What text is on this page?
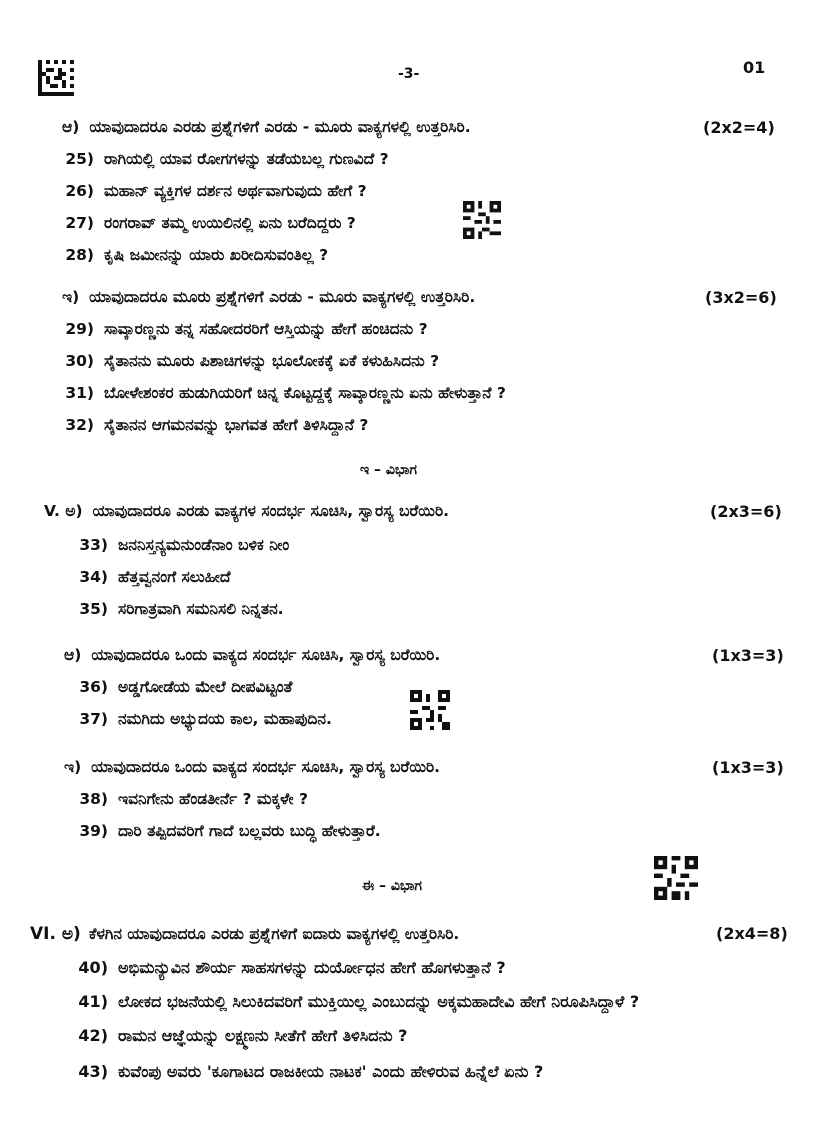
-3-	01
ಆ) ಯಾವುದಾದರೂ ಎರಡು ಪ್ರಶ್ನೆಗಳಿಗೆ ಎರಡು - ಮೂರು ವಾಕ್ಯಗಳಲ್ಲಿ ಉತ್ತರಿಸಿರಿ.	(2x2=4)
25) ರಾಗಿಯಲ್ಲಿ ಯಾವ ರೋಗಗಳನ್ನು ತಡೆಯಬಲ್ಲ ಗುಣವಿದೆ ?
26) ಮಹಾನ್ ವ್ಯಕ್ತಿಗಳ ದರ್ಶನ ಅರ್ಥವಾಗುವುದು ಹೇಗೆ ?
27) ರಂಗರಾವ್ ತಮ್ಮ ಉಯಿಲಿನಲ್ಲಿ ಏನು ಬರೆದಿದ್ದರು ?
28) ಕೃಷಿ ಜಮೀನನ್ನು ಯಾರು ಖರೀದಿಸುವಂತಿಲ್ಲ ?
ಇ) ಯಾವುದಾದರೂ ಮೂರು ಪ್ರಶ್ನೆಗಳಿಗೆ ಎರಡು - ಮೂರು ವಾಕ್ಯಗಳಲ್ಲಿ ಉತ್ತರಿಸಿರಿ.	(3x2=6)
29) ಸಾವ್ಕಾರಣ್ಣನು ತನ್ನ ಸಹೋದರರಿಗೆ ಆಸ್ತಿಯನ್ನು ಹೇಗೆ ಹಂಚಿದನು ?
30) ಸೈತಾನನು ಮೂರು ಪಿಶಾಚಿಗಳನ್ನು ಭೂಲೋಕಕ್ಕೆ ಏಕೆ ಕಳುಹಿಸಿದನು ?
31) ಬೋಳೇಶಂಕರ ಹುಡುಗಿಯರಿಗೆ ಚಿನ್ನ ಕೊಟ್ಟದ್ದಕ್ಕೆ ಸಾವ್ಕಾರಣ್ಣನು ಏನು ಹೇಳುತ್ತಾನೆ ?
32) ಸೈತಾನನ ಆಗಮನವನ್ನು ಭಾಗವತ ಹೇಗೆ ತಿಳಿಸಿದ್ದಾನೆ ?
ಇ – ವಿಭಾಗ
V. ಅ) ಯಾವುದಾದರೂ ಎರಡು ವಾಕ್ಯಗಳ ಸಂದರ್ಭ ಸೂಚಿಸಿ, ಸ್ವಾರಸ್ಯ ಬರೆಯಿರಿ.	(2x3=6)
33) ಜನನಿಸ್ತನ್ಯಮನುಂಡೆನಾಂ ಬಳಿಕ ನೀಂ
34) ಹೆತ್ತವ್ವನಂಗೆ ಸಲುಹೀದೆ
35) ಸರಿಗಾತ್ರವಾಗಿ ಸಮನಿಸಲಿ ನಿನ್ನತನ.
ಆ) ಯಾವುದಾದರೂ ಒಂದು ವಾಕ್ಯದ ಸಂದರ್ಭ ಸೂಚಿಸಿ, ಸ್ವಾರಸ್ಯ ಬರೆಯಿರಿ.	(1x3=3)
36) ಅಡ್ಡಗೋಡೆಯ ಮೇಲೆ ದೀಪವಿಟ್ಟಂತೆ
37) ನಮಗಿದು ಅಭ್ಯುದಯ ಕಾಲ, ಮಹಾಪುದಿನ.
ಇ) ಯಾವುದಾದರೂ ಒಂದು ವಾಕ್ಯದ ಸಂದರ್ಭ ಸೂಚಿಸಿ, ಸ್ವಾರಸ್ಯ ಬರೆಯಿರಿ.	(1x3=3)
38) ಇವನಿಗೇನು ಹೆಂಡತೀರ್ನೆ ? ಮಕ್ಕಳೇ ?
39) ದಾರಿ ತಪ್ಪಿದವರಿಗೆ ಗಾದೆ ಬಲ್ಲವರು ಬುದ್ಧಿ ಹೇಳುತ್ತಾರೆ.
ಈ – ವಿಭಾಗ
VI. ಅ) ಕೆಳಗಿನ ಯಾವುದಾದರೂ ಎರಡು ಪ್ರಶ್ನೆಗಳಿಗೆ ಐದಾರು ವಾಕ್ಯಗಳಲ್ಲಿ ಉತ್ತರಿಸಿರಿ.	(2x4=8)
40) ಅಭಿಮನ್ಯುವಿನ ಶೌರ್ಯ ಸಾಹಸಗಳನ್ನು ದುರ್ಯೋಧನ ಹೇಗೆ ಹೊಗಳುತ್ತಾನೆ ?
41) ಲೋಕದ ಭಜನೆಯಲ್ಲಿ ಸಿಲುಕಿದವರಿಗೆ ಮುಕ್ತಿಯಿಲ್ಲ ಎಂಬುದನ್ನು ಅಕ್ಕಮಹಾದೇವಿ ಹೇಗೆ ನಿರೂಪಿಸಿದ್ದಾಳೆ ?
42) ರಾಮನ ಆಜ್ಞೆಯನ್ನು ಲಕ್ಷ್ಮಣನು ಸೀತೆಗೆ ಹೇಗೆ ತಿಳಿಸಿದನು ?
43) ಕುವೆಂಪು ಅವರು 'ಕೂಗಾಟದ ರಾಜಕೀಯ ನಾಟಕ' ಎಂದು ಹೇಳಿರುವ ಹಿನ್ನೆಲೆ ಏನು ?
